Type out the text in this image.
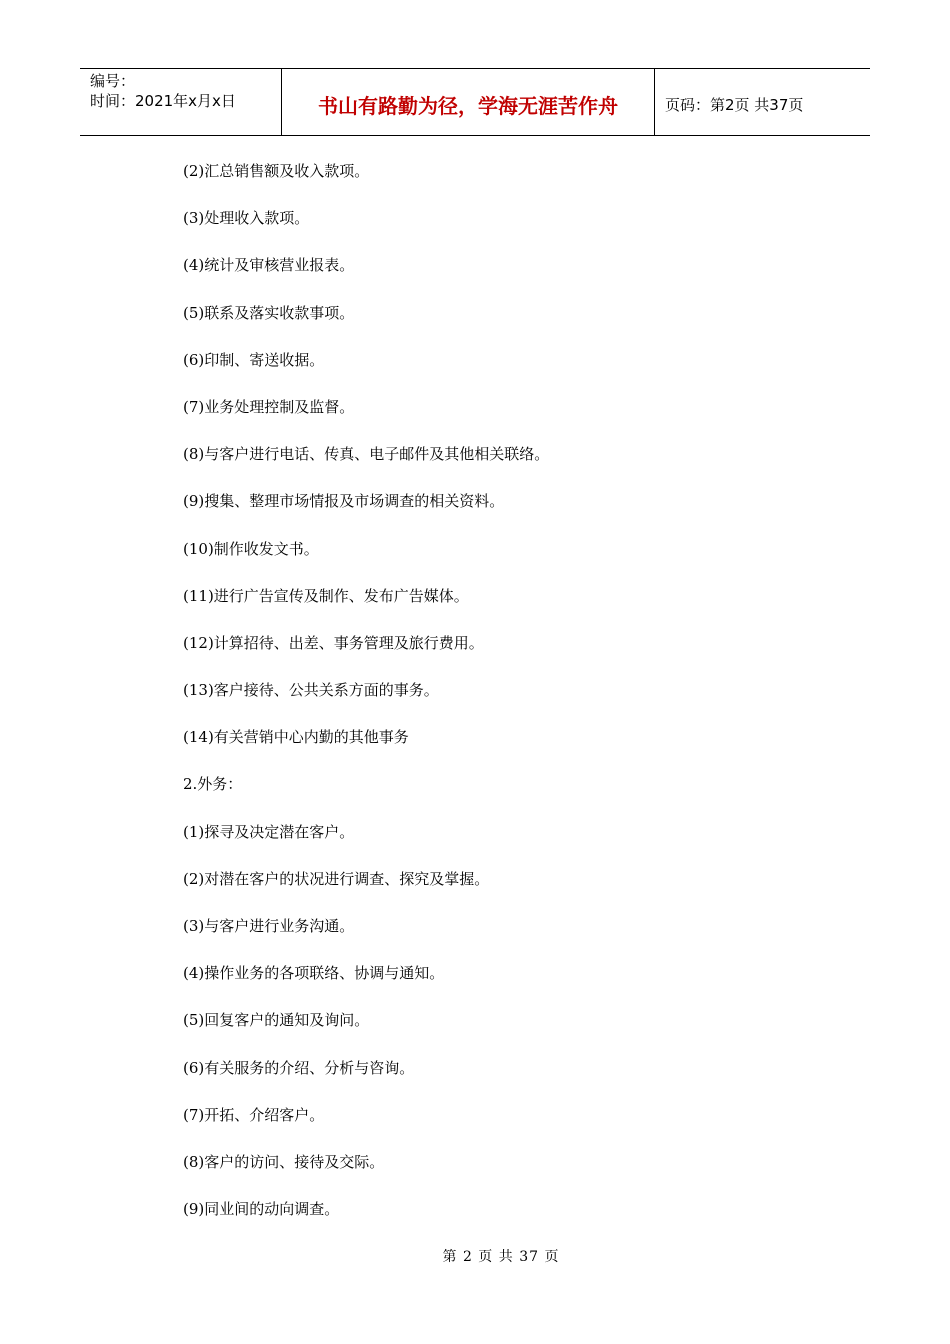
编号：
时间：2021年x月x日	书山有路勤为径，学海无涯苦作舟	页码：第2页 共37页
(2)汇总销售额及收入款项。
(3)处理收入款项。
(4)统计及审核营业报表。
(5)联系及落实收款事项。
(6)印制、寄送收据。
(7)业务处理控制及监督。
(8)与客户进行电话、传真、电子邮件及其他相关联络。
(9)搜集、整理市场情报及市场调查的相关资料。
(10)制作收发文书。
(11)进行广告宣传及制作、发布广告媒体。
(12)计算招待、出差、事务管理及旅行费用。
(13)客户接待、公共关系方面的事务。
(14)有关营销中心内勤的其他事务
2.外务：
(1)探寻及决定潜在客户。
(2)对潜在客户的状况进行调查、探究及掌握。
(3)与客户进行业务沟通。
(4)操作业务的各项联络、协调与通知。
(5)回复客户的通知及询问。
(6)有关服务的介绍、分析与咨询。
(7)开拓、介绍客户。
(8)客户的访问、接待及交际。
(9)同业间的动向调查。
第 2 页 共 37 页
